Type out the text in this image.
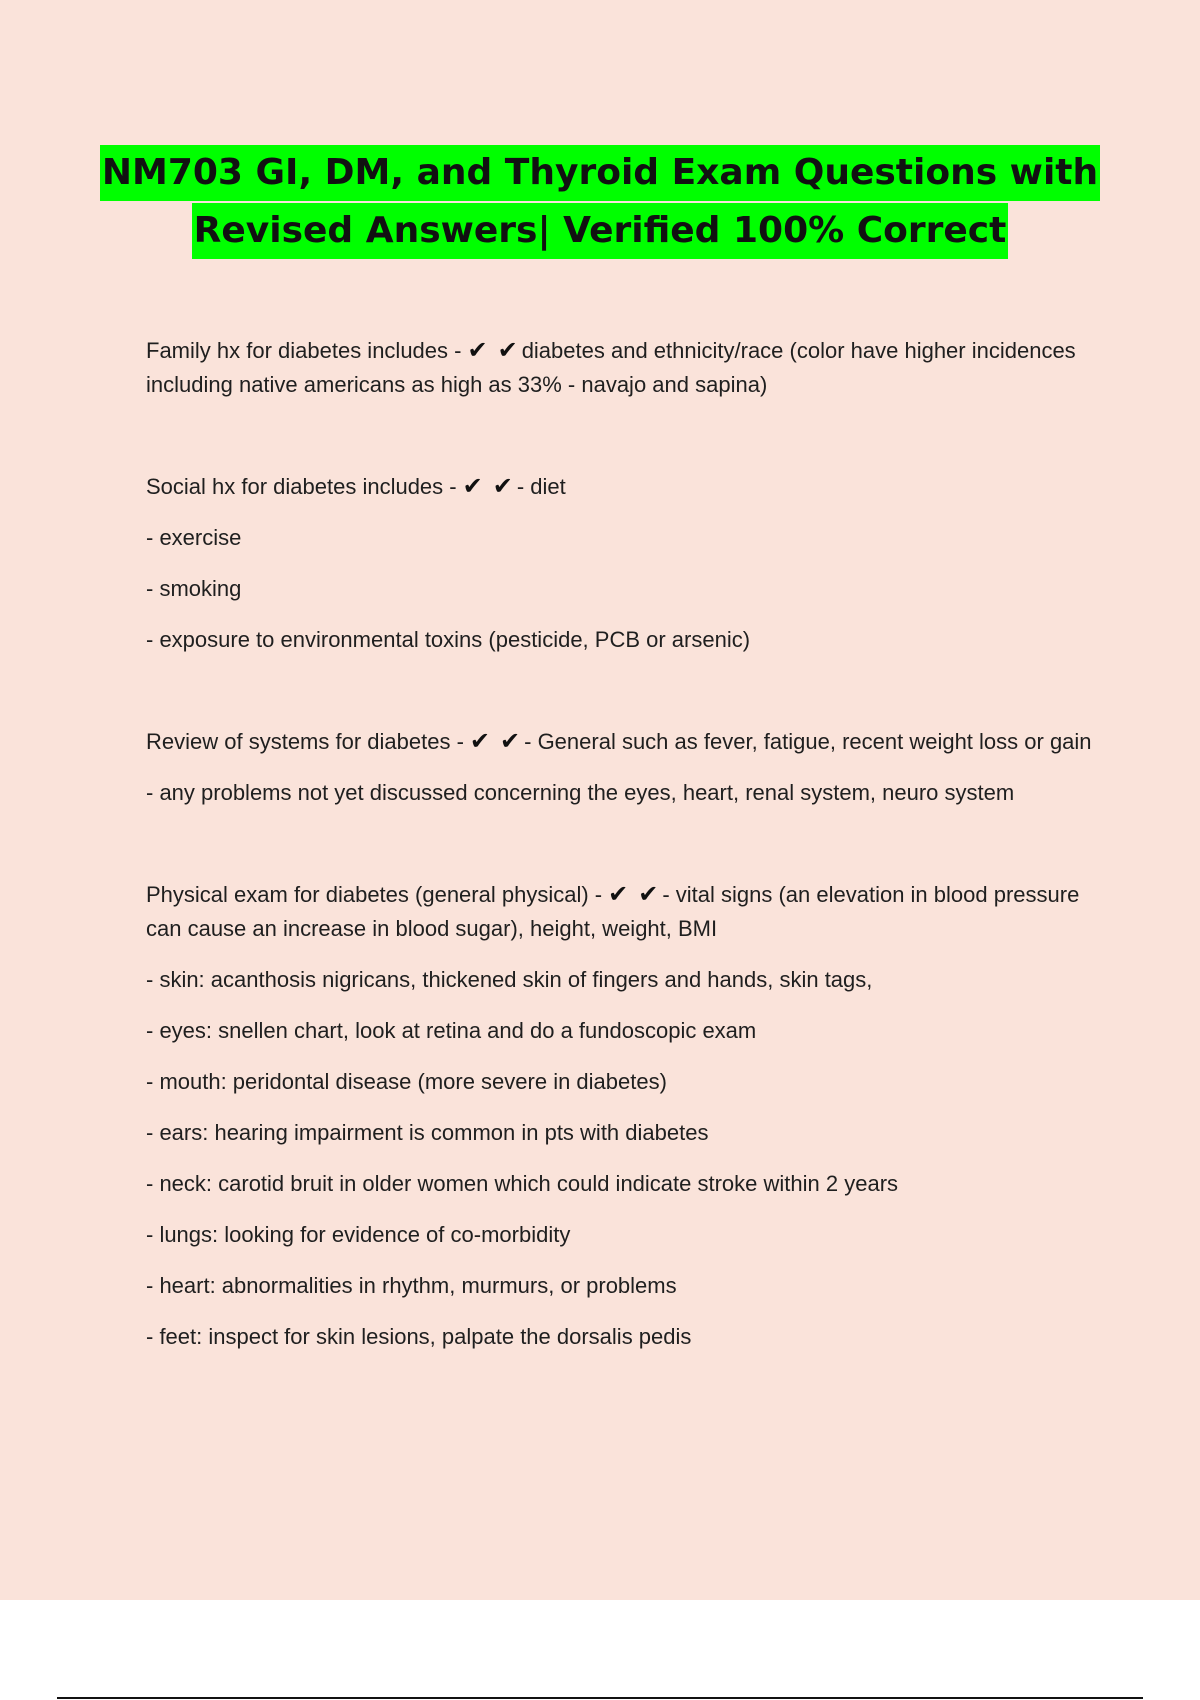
NM703 GI, DM, and Thyroid Exam Questions with
Revised Answers| Verified 100% Correct

Family hx for diabetes includes - ✔ ✔ diabetes and ethnicity/race (color have higher incidences including native americans as high as 33% - navajo and sapina)

Social hx for diabetes includes - ✔ ✔ - diet

- exercise

- smoking

- exposure to environmental toxins (pesticide, PCB or arsenic)

Review of systems for diabetes - ✔ ✔ - General such as fever, fatigue, recent weight loss or gain

- any problems not yet discussed concerning the eyes, heart, renal system, neuro system

Physical exam for diabetes (general physical) - ✔ ✔ - vital signs (an elevation in blood pressure can cause an increase in blood sugar), height, weight, BMI

- skin: acanthosis nigricans, thickened skin of fingers and hands, skin tags,

- eyes: snellen chart, look at retina and do a fundoscopic exam

- mouth: peridontal disease (more severe in diabetes)

- ears: hearing impairment is common in pts with diabetes

- neck: carotid bruit in older women which could indicate stroke within 2 years

- lungs: looking for evidence of co-morbidity

- heart: abnormalities in rhythm, murmurs, or problems

- feet: inspect for skin lesions, palpate the dorsalis pedis
